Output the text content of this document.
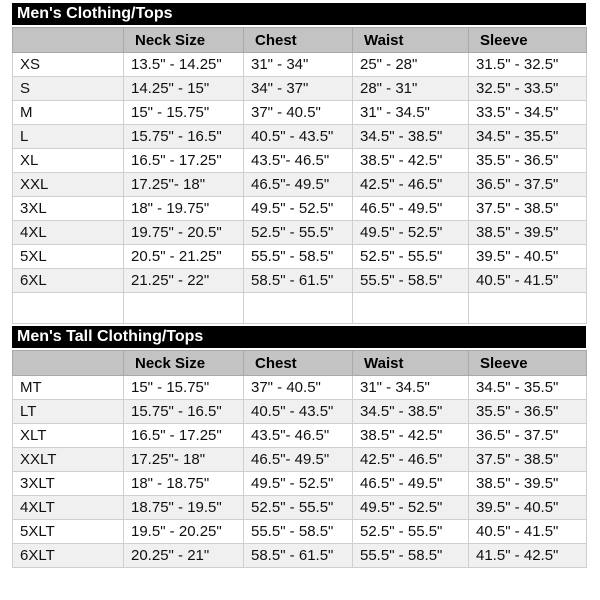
Men's Clothing/Tops
	Neck Size	Chest	Waist	Sleeve
XS	13.5" - 14.25"	31" - 34"	25" - 28"	31.5" - 32.5"
S	14.25" - 15"	34" - 37"	28" - 31"	32.5" - 33.5"
M	15" - 15.75"	37" - 40.5"	31" - 34.5"	33.5" - 34.5"
L	15.75" - 16.5"	40.5" - 43.5"	34.5" - 38.5"	34.5" - 35.5"
XL	16.5" - 17.25"	43.5"- 46.5"	38.5" - 42.5"	35.5" - 36.5"
XXL	17.25"- 18"	46.5"- 49.5"	42.5" - 46.5"	36.5" - 37.5"
3XL	18" - 19.75"	49.5" - 52.5"	46.5" - 49.5"	37.5" - 38.5"
4XL	19.75" - 20.5"	52.5" - 55.5"	49.5" - 52.5"	38.5" - 39.5"
5XL	20.5" - 21.25"	55.5" - 58.5"	52.5" - 55.5"	39.5" - 40.5"
6XL	21.25" - 22"	58.5" - 61.5"	55.5" - 58.5"	40.5" - 41.5"

Men's Tall Clothing/Tops
	Neck Size	Chest	Waist	Sleeve
MT	15" - 15.75"	37" - 40.5"	31" - 34.5"	34.5" - 35.5"
LT	15.75" - 16.5"	40.5" - 43.5"	34.5" - 38.5"	35.5" - 36.5"
XLT	16.5" - 17.25"	43.5"- 46.5"	38.5" - 42.5"	36.5" - 37.5"
XXLT	17.25"- 18"	46.5"- 49.5"	42.5" - 46.5"	37.5" - 38.5"
3XLT	18" - 18.75"	49.5" - 52.5"	46.5" - 49.5"	38.5" - 39.5"
4XLT	18.75" - 19.5"	52.5" - 55.5"	49.5" - 52.5"	39.5" - 40.5"
5XLT	19.5" - 20.25"	55.5" - 58.5"	52.5" - 55.5"	40.5" - 41.5"
6XLT	20.25" - 21"	58.5" - 61.5"	55.5" - 58.5"	41.5" - 42.5"
